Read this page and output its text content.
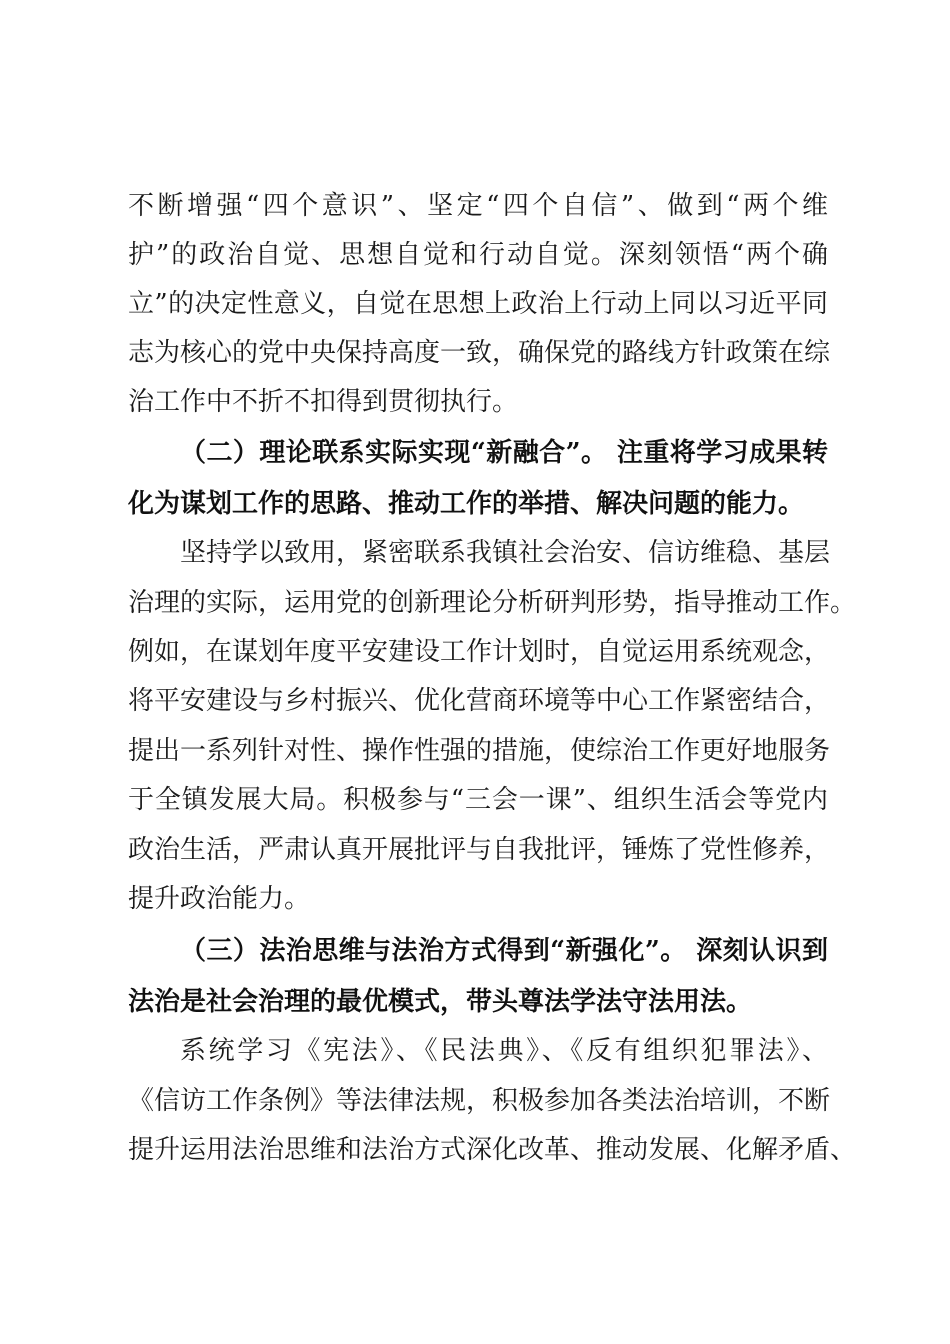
不断增强“四个意识”、坚定“四个自信”、做到“两个维
护”的政治自觉、思想自觉和行动自觉。深刻领悟“两个确
立”的决定性意义，自觉在思想上政治上行动上同以习近平同
志为核心的党中央保持高度一致，确保党的路线方针政策在综
治工作中不折不扣得到贯彻执行。
（二）理论联系实际实现“新融合”。 注重将学习成果转
化为谋划工作的思路、推动工作的举措、解决问题的能力。
坚持学以致用，紧密联系我镇社会治安、信访维稳、基层
治理的实际，运用党的创新理论分析研判形势，指导推动工作。
例如，在谋划年度平安建设工作计划时，自觉运用系统观念，
将平安建设与乡村振兴、优化营商环境等中心工作紧密结合，
提出一系列针对性、操作性强的措施，使综治工作更好地服务
于全镇发展大局。积极参与“三会一课”、组织生活会等党内
政治生活，严肃认真开展批评与自我批评，锤炼了党性修养，
提升政治能力。
（三）法治思维与法治方式得到“新强化”。 深刻认识到
法治是社会治理的最优模式，带头尊法学法守法用法。
系统学习《宪法》、《民法典》、《反有组织犯罪法》、
《信访工作条例》等法律法规，积极参加各类法治培训，不断
提升运用法治思维和法治方式深化改革、推动发展、化解矛盾、
